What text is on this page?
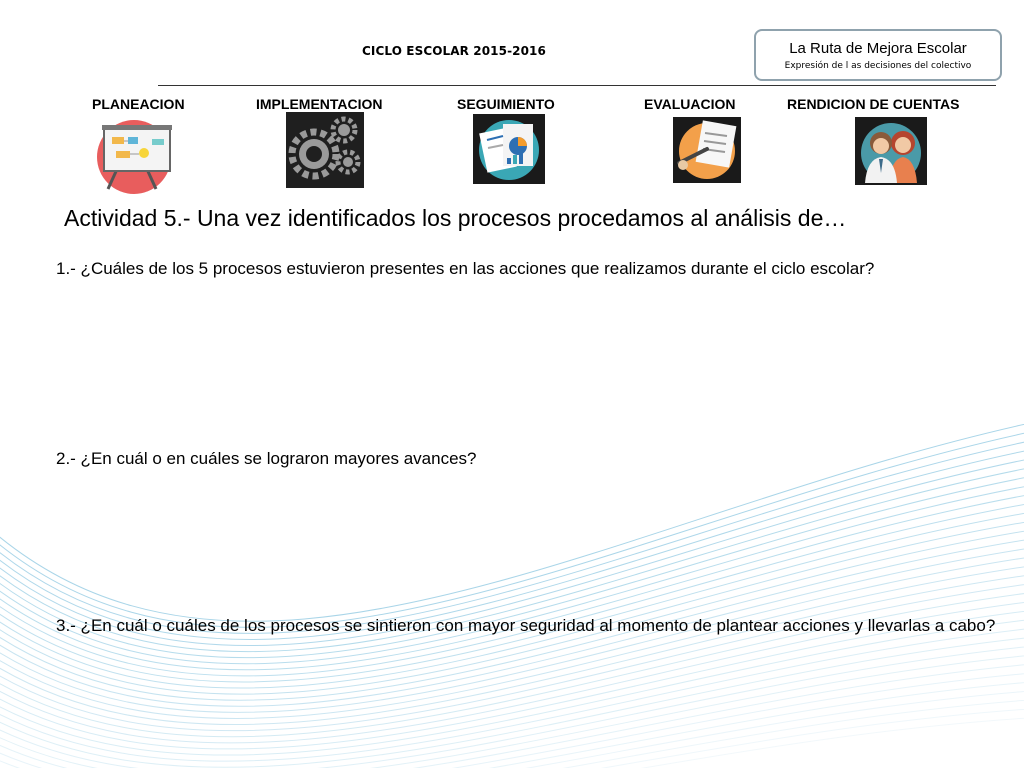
CICLO ESCOLAR 2015-2016	La Ruta de Mejora Escolar
Expresión de l as decisiones del colectivo
PLANEACION	IMPLEMENTACION	SEGUIMIENTO	EVALUACION	RENDICION DE CUENTAS
Actividad 5.- Una vez identificados los procesos procedamos al análisis de…
1.- ¿Cuáles de los 5 procesos estuvieron presentes en las acciones que realizamos durante el ciclo escolar?
2.- ¿En cuál o en cuáles se lograron mayores avances?
3.- ¿En cuál o cuáles de los procesos se sintieron con mayor seguridad al momento de plantear acciones y llevarlas a cabo?
